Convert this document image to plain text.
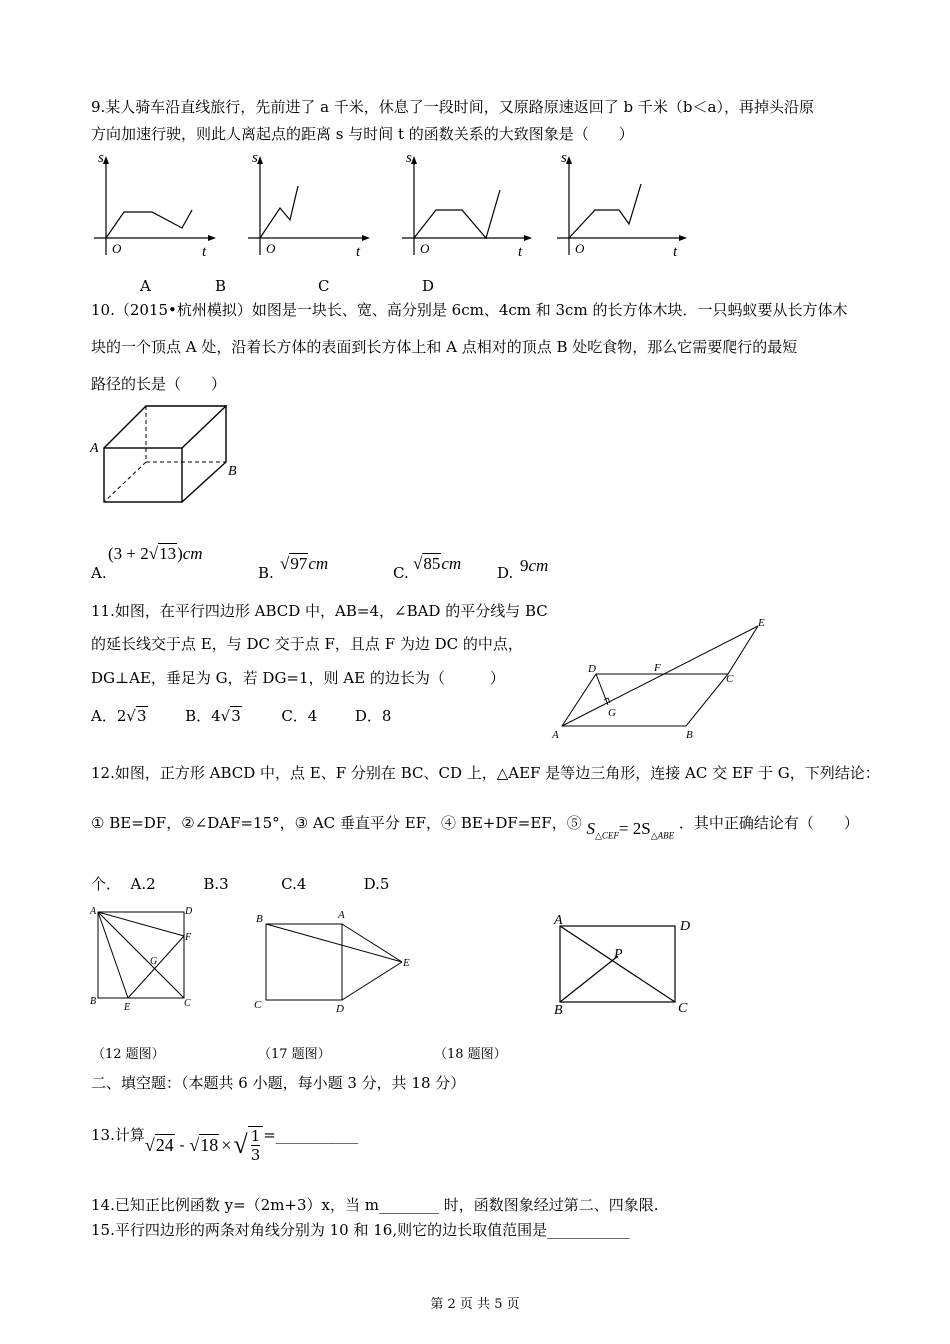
9.某人骑车沿直线旅行，先前进了 a 千米，休息了一段时间，又原路原速返回了 b 千米（b＜a），再掉头沿原
方向加速行驶，则此人离起点的距离 s 与时间 t 的函数关系的大致图象是（　　）
s
O	t
s
O	t
s
O	t
s
O	t
A	B	C	D
10.（2015•杭州模拟）如图是一块长、宽、高分别是 6cm、4cm 和 3cm 的长方体木块．一只蚂蚁要从长方体木
块的一个顶点 A 处，沿着长方体的表面到长方体上和 A 点相对的顶点 B 处吃食物，那么它需要爬行的最短
路径的长是（　　）
A
B
A.
(3 + 2√13)cm
B. √97cm	C. √85cm D. 9cm
11.如图，在平行四边形 ABCD 中，AB=4，∠BAD 的平分线与 BC
的延长线交于点 E，与 DC 交于点 F，且点 F 为边 DC 的中点，
DG⊥AE，垂足为 G，若 DG=1，则 AE 的边长为（　　　）
A．2√3	B．4√3	C．4	D．8
A	B
C
D
E
F
G
12.如图，正方形 ABCD 中，点 E、F 分别在 BC、CD 上，△AEF 是等边三角形，连接 AC 交 EF 于 G，下列结论：
① BE=DF，②∠DAF=15°，③ AC 垂直平分 EF，④ BE+DF=EF，⑤ $S_{\triangle CEF}= 2S_{\triangle ABE}$ ．其中正确结论有（　　）
个．  A.2          B.3           C.4            D.5
A
B	C
D
E
F
G
B	A
C	D
E
A	D
B	C
P
（12 题图）	（17 题图）	（18 题图）
二、填空题：（本题共 6 小题，每小题 3 分，共 18 分）
13.计算 √ 24 - √ 18 × √ $\frac{1}{3}$ =___________
14.已知正比例函数 y=（2m+3）x，当 m________ 时，函数图象经过第二、四象限.
15.平行四边形的两条对角线分别为 10 和 16,则它的边长取值范围是___________
第 2 页 共 5 页
